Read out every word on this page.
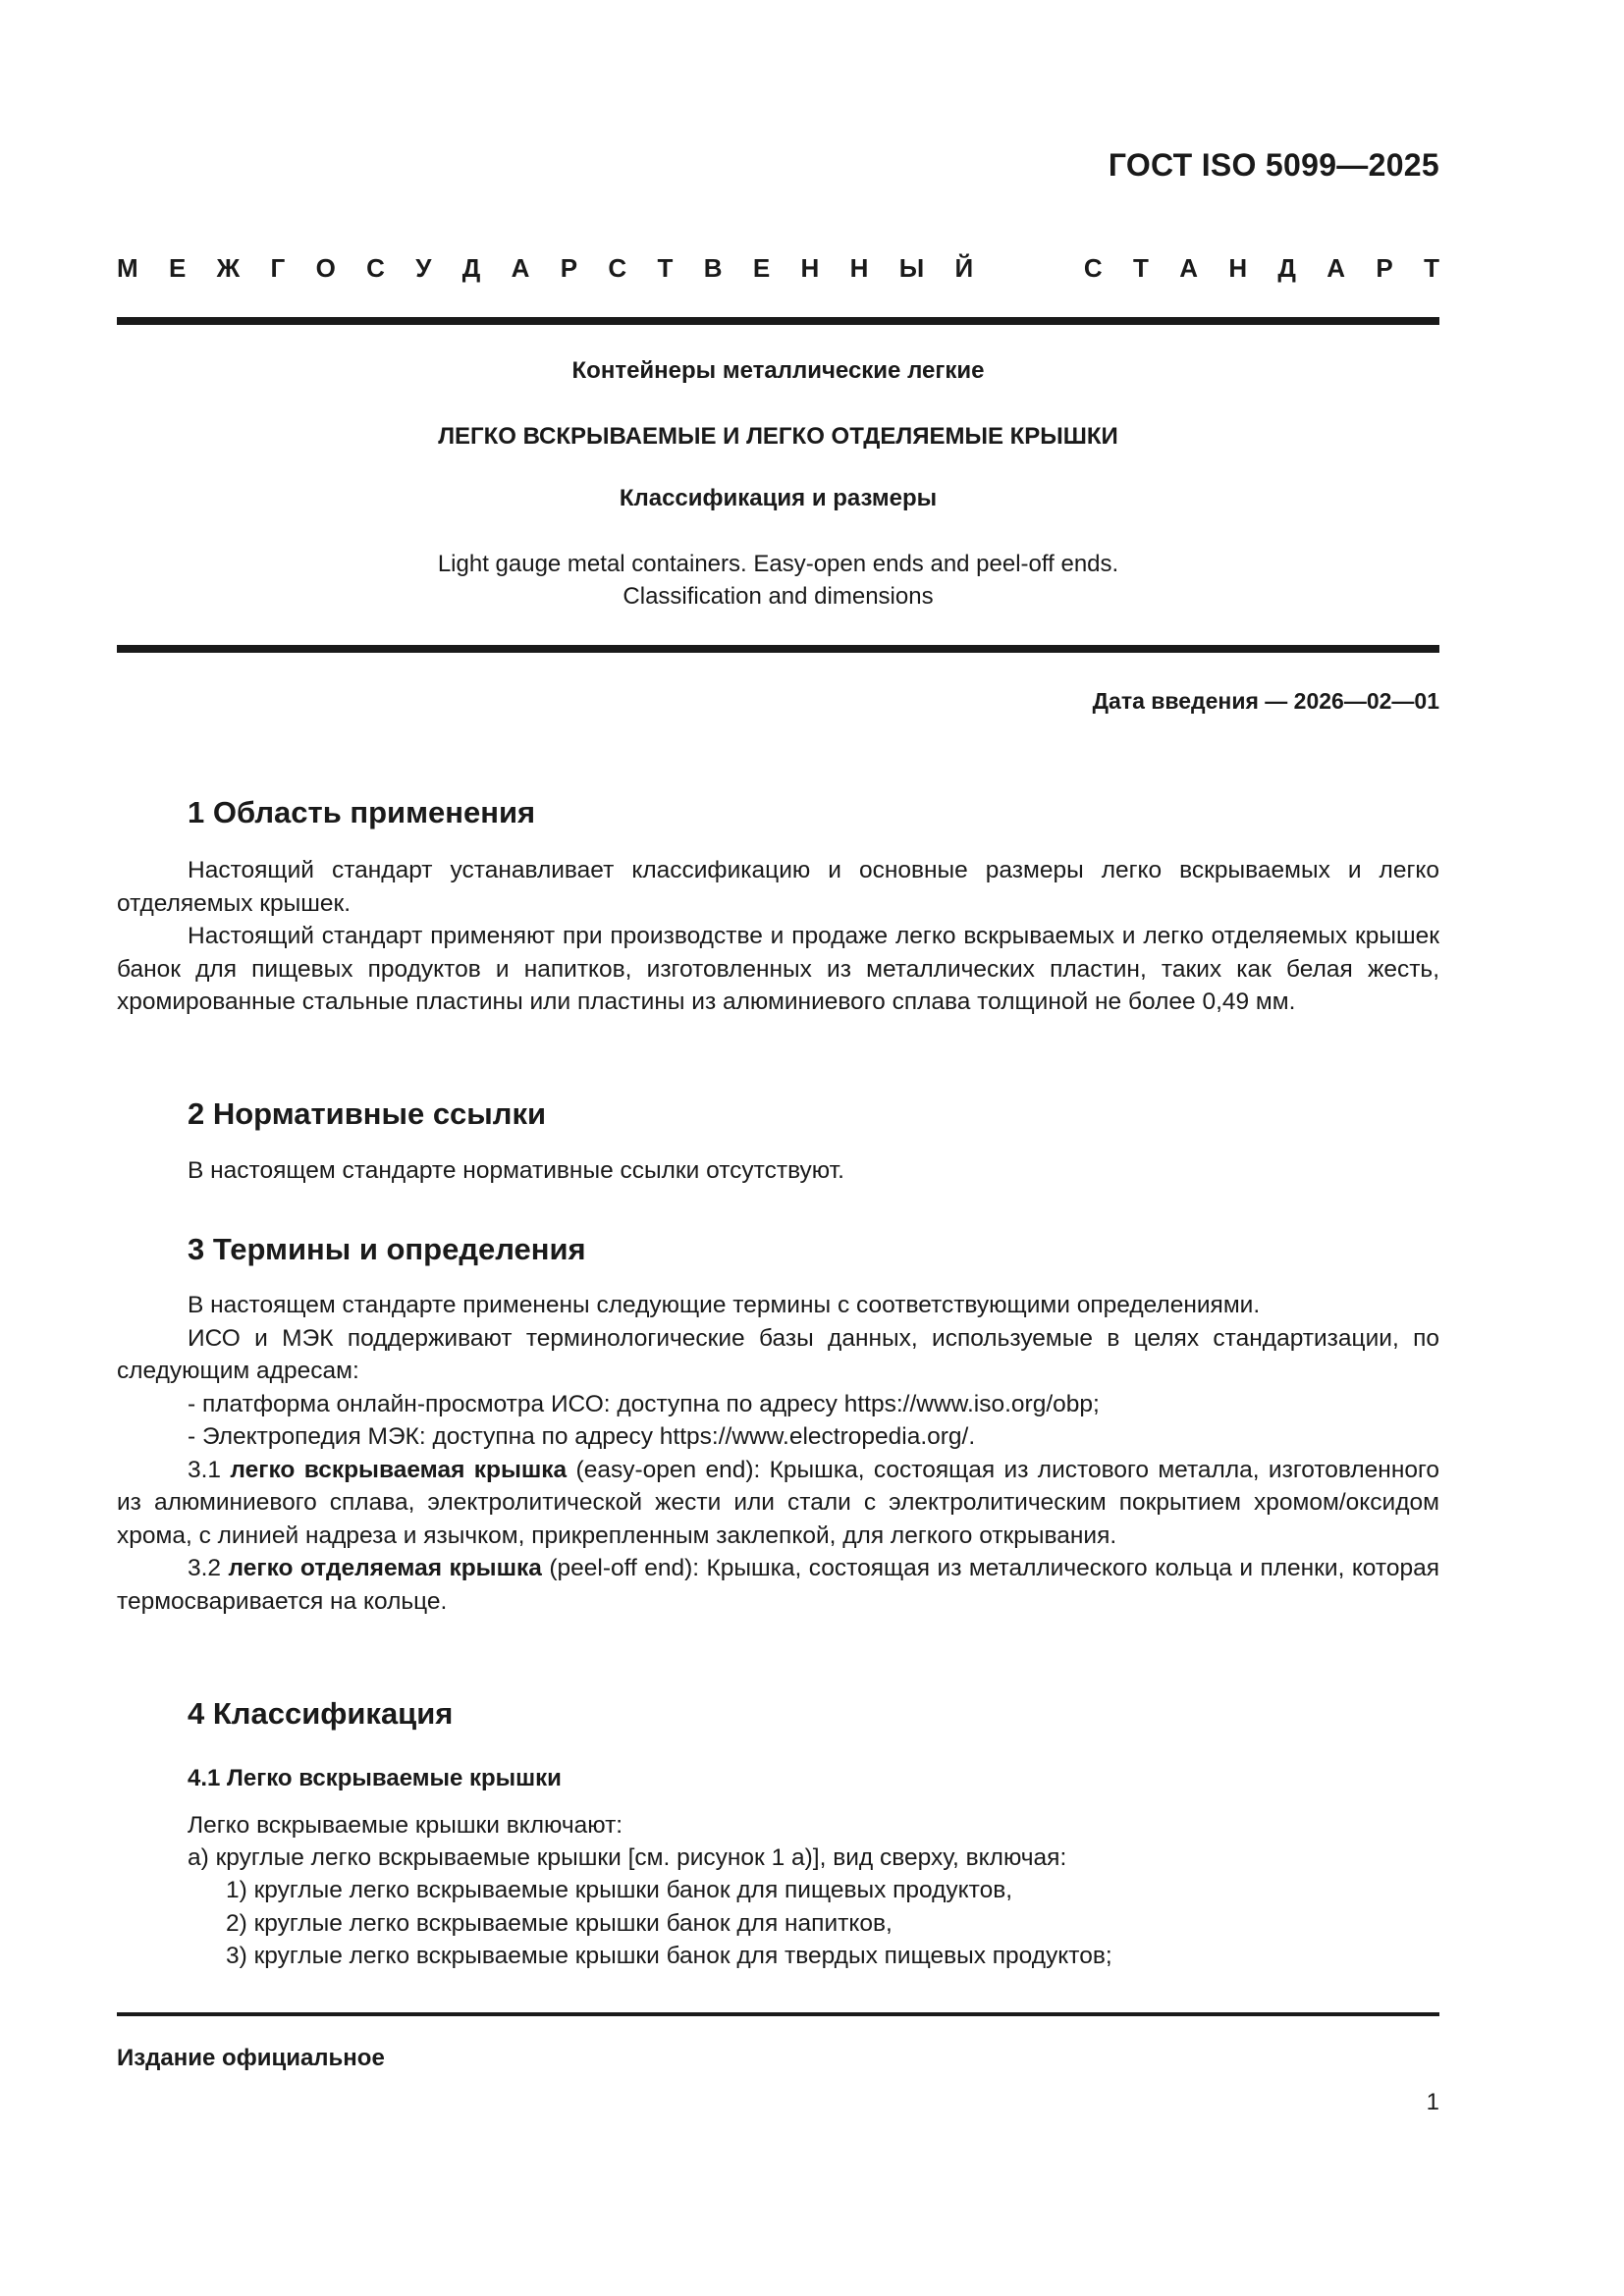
ГОСТ ISO 5099—2025
М Е Ж Г О С У Д А Р С Т В Е Н Н Ы Й	С Т А Н Д А Р Т
Контейнеры металлические легкие
ЛЕГКО ВСКРЫВАЕМЫЕ И ЛЕГКО ОТДЕЛЯЕМЫЕ КРЫШКИ
Классификация и размеры
Light gauge metal containers. Easy-open ends and peel-off ends.
Classification and dimensions
Дата введения — 2026—02—01
1 Область применения

Настоящий стандарт устанавливает классификацию и основные размеры легко вскрываемых и легко отделяемых крышек.

Настоящий стандарт применяют при производстве и продаже легко вскрываемых и легко отделяемых крышек банок для пищевых продуктов и напитков, изготовленных из металлических пластин, таких как белая жесть, хромированные стальные пластины или пластины из алюминиевого сплава толщиной не более 0,49 мм.

2 Нормативные ссылки

В настоящем стандарте нормативные ссылки отсутствуют.

3 Термины и определения

В настоящем стандарте применены следующие термины с соответствующими определениями.

ИСО и МЭК поддерживают терминологические базы данных, используемые в целях стандартизации, по следующим адресам:

- платформа онлайн-просмотра ИСО: доступна по адресу https://www.iso.org/obp;

- Электропедия МЭК: доступна по адресу https://www.electropedia.org/.

3.1 легко вскрываемая крышка (easy-open end): Крышка, состоящая из листового металла, изготовленного из алюминиевого сплава, электролитической жести или стали с электролитическим покрытием хромом/оксидом хрома, с линией надреза и язычком, прикрепленным заклепкой, для легкого открывания.

3.2 легко отделяемая крышка (peel-off end): Крышка, состоящая из металлического кольца и пленки, которая термосваривается на кольце.

4 Классификация
4.1 Легко вскрываемые крышки
Легко вскрываемые крышки включают:
а) круглые легко вскрываемые крышки [см. рисунок 1 а)], вид сверху, включая:
1) круглые легко вскрываемые крышки банок для пищевых продуктов,
2) круглые легко вскрываемые крышки банок для напитков,
3) круглые легко вскрываемые крышки банок для твердых пищевых продуктов;
Издание официальное
1
